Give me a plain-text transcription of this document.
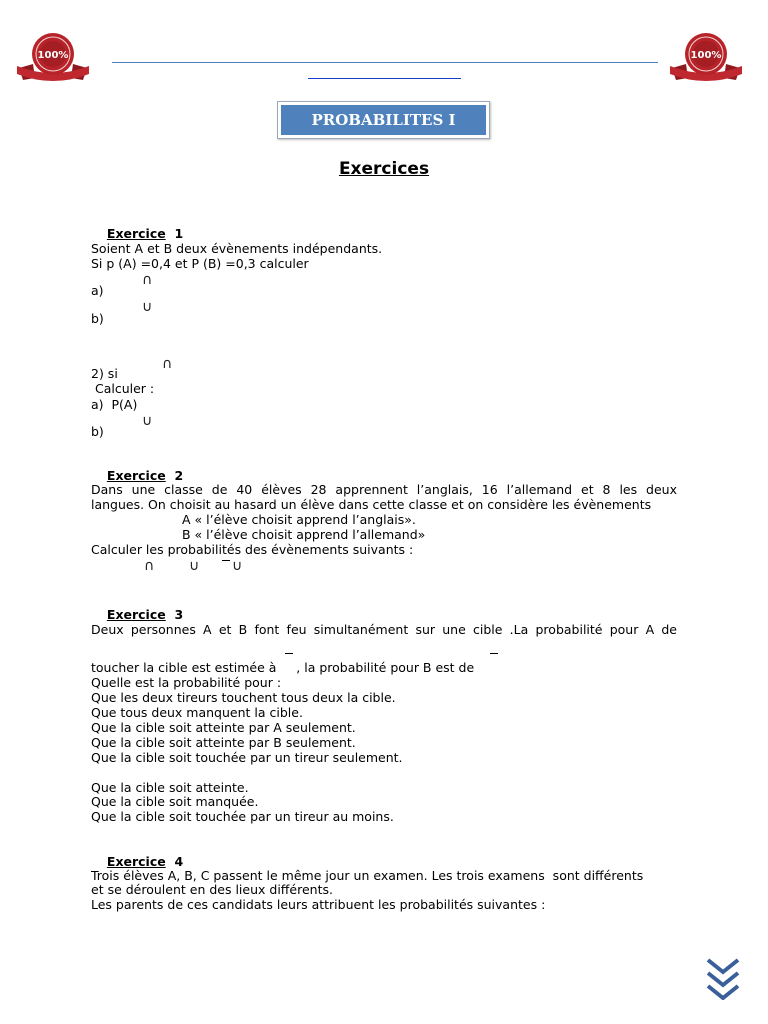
100%	100%
PROBABILITES I
Exercices

Exercice 1

Soient A et B deux évènements indépendants.
Si p (A) =0,4 et P (B) =0,3 calculer
a)
∩
b)
∪
∩
2) si
Calculer :
a)  P(A)
∪
b)

Exercice 2

Dans une classe de 40 élèves 28 apprennent l’anglais, 16 l’allemand et 8 les deux
langues. On choisit au hasard un élève dans cette classe et on considère les évènements
A « l’élève choisit apprend l’anglais».
B « l’élève choisit apprend l’allemand»
Calculer les probabilités des évènements suivants :
∩ ∪ ∪

Exercice 3

Deux personnes A et B font feu simultanément sur une cible .La probabilité pour A de
toucher la cible est estimée à     , la probabilité pour B est de
Quelle est la probabilité pour :
Que les deux tireurs touchent tous deux la cible.
Que tous deux manquent la cible.
Que la cible soit atteinte par A seulement.
Que la cible soit atteinte par B seulement.
Que la cible soit touchée par un tireur seulement.
Que la cible soit atteinte.
Que la cible soit manquée.
Que la cible soit touchée par un tireur au moins.

Exercice 4

Trois élèves A, B, C passent le même jour un examen. Les trois examens  sont différents
et se déroulent en des lieux différents.
Les parents de ces candidats leurs attribuent les probabilités suivantes :
